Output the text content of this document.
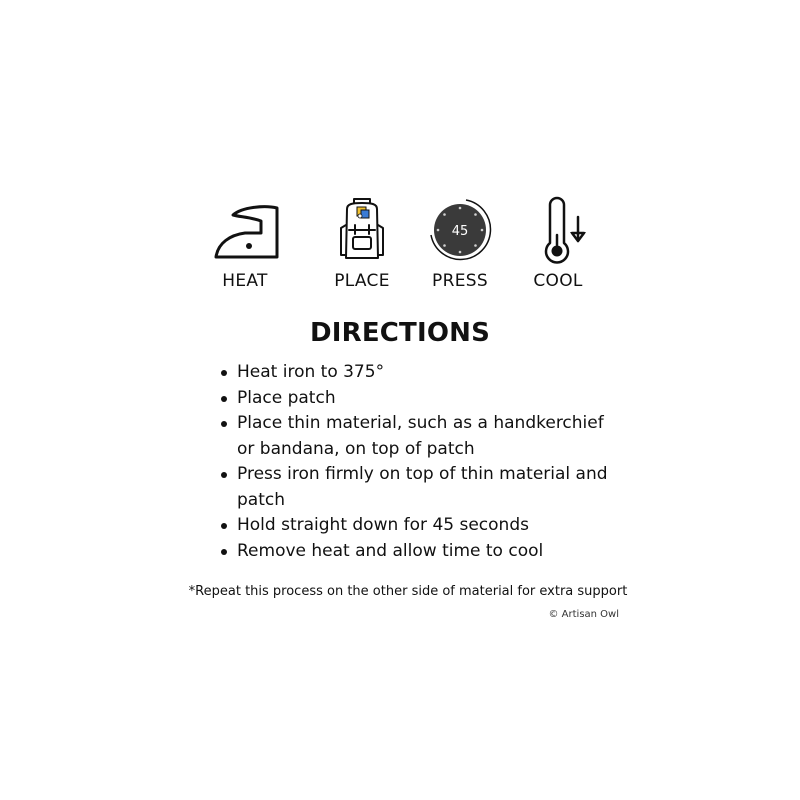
HEAT	PLACE
45
PRESS	COOL
DIRECTIONS
Heat iron to 375°
Place patch
Place thin material, such as a handkerchief or bandana, on top of patch
Press iron firmly on top of thin material and patch
Hold straight down for 45 seconds
Remove heat and allow time to cool
*Repeat this process on the other side of material for extra support
© Artisan Owl
